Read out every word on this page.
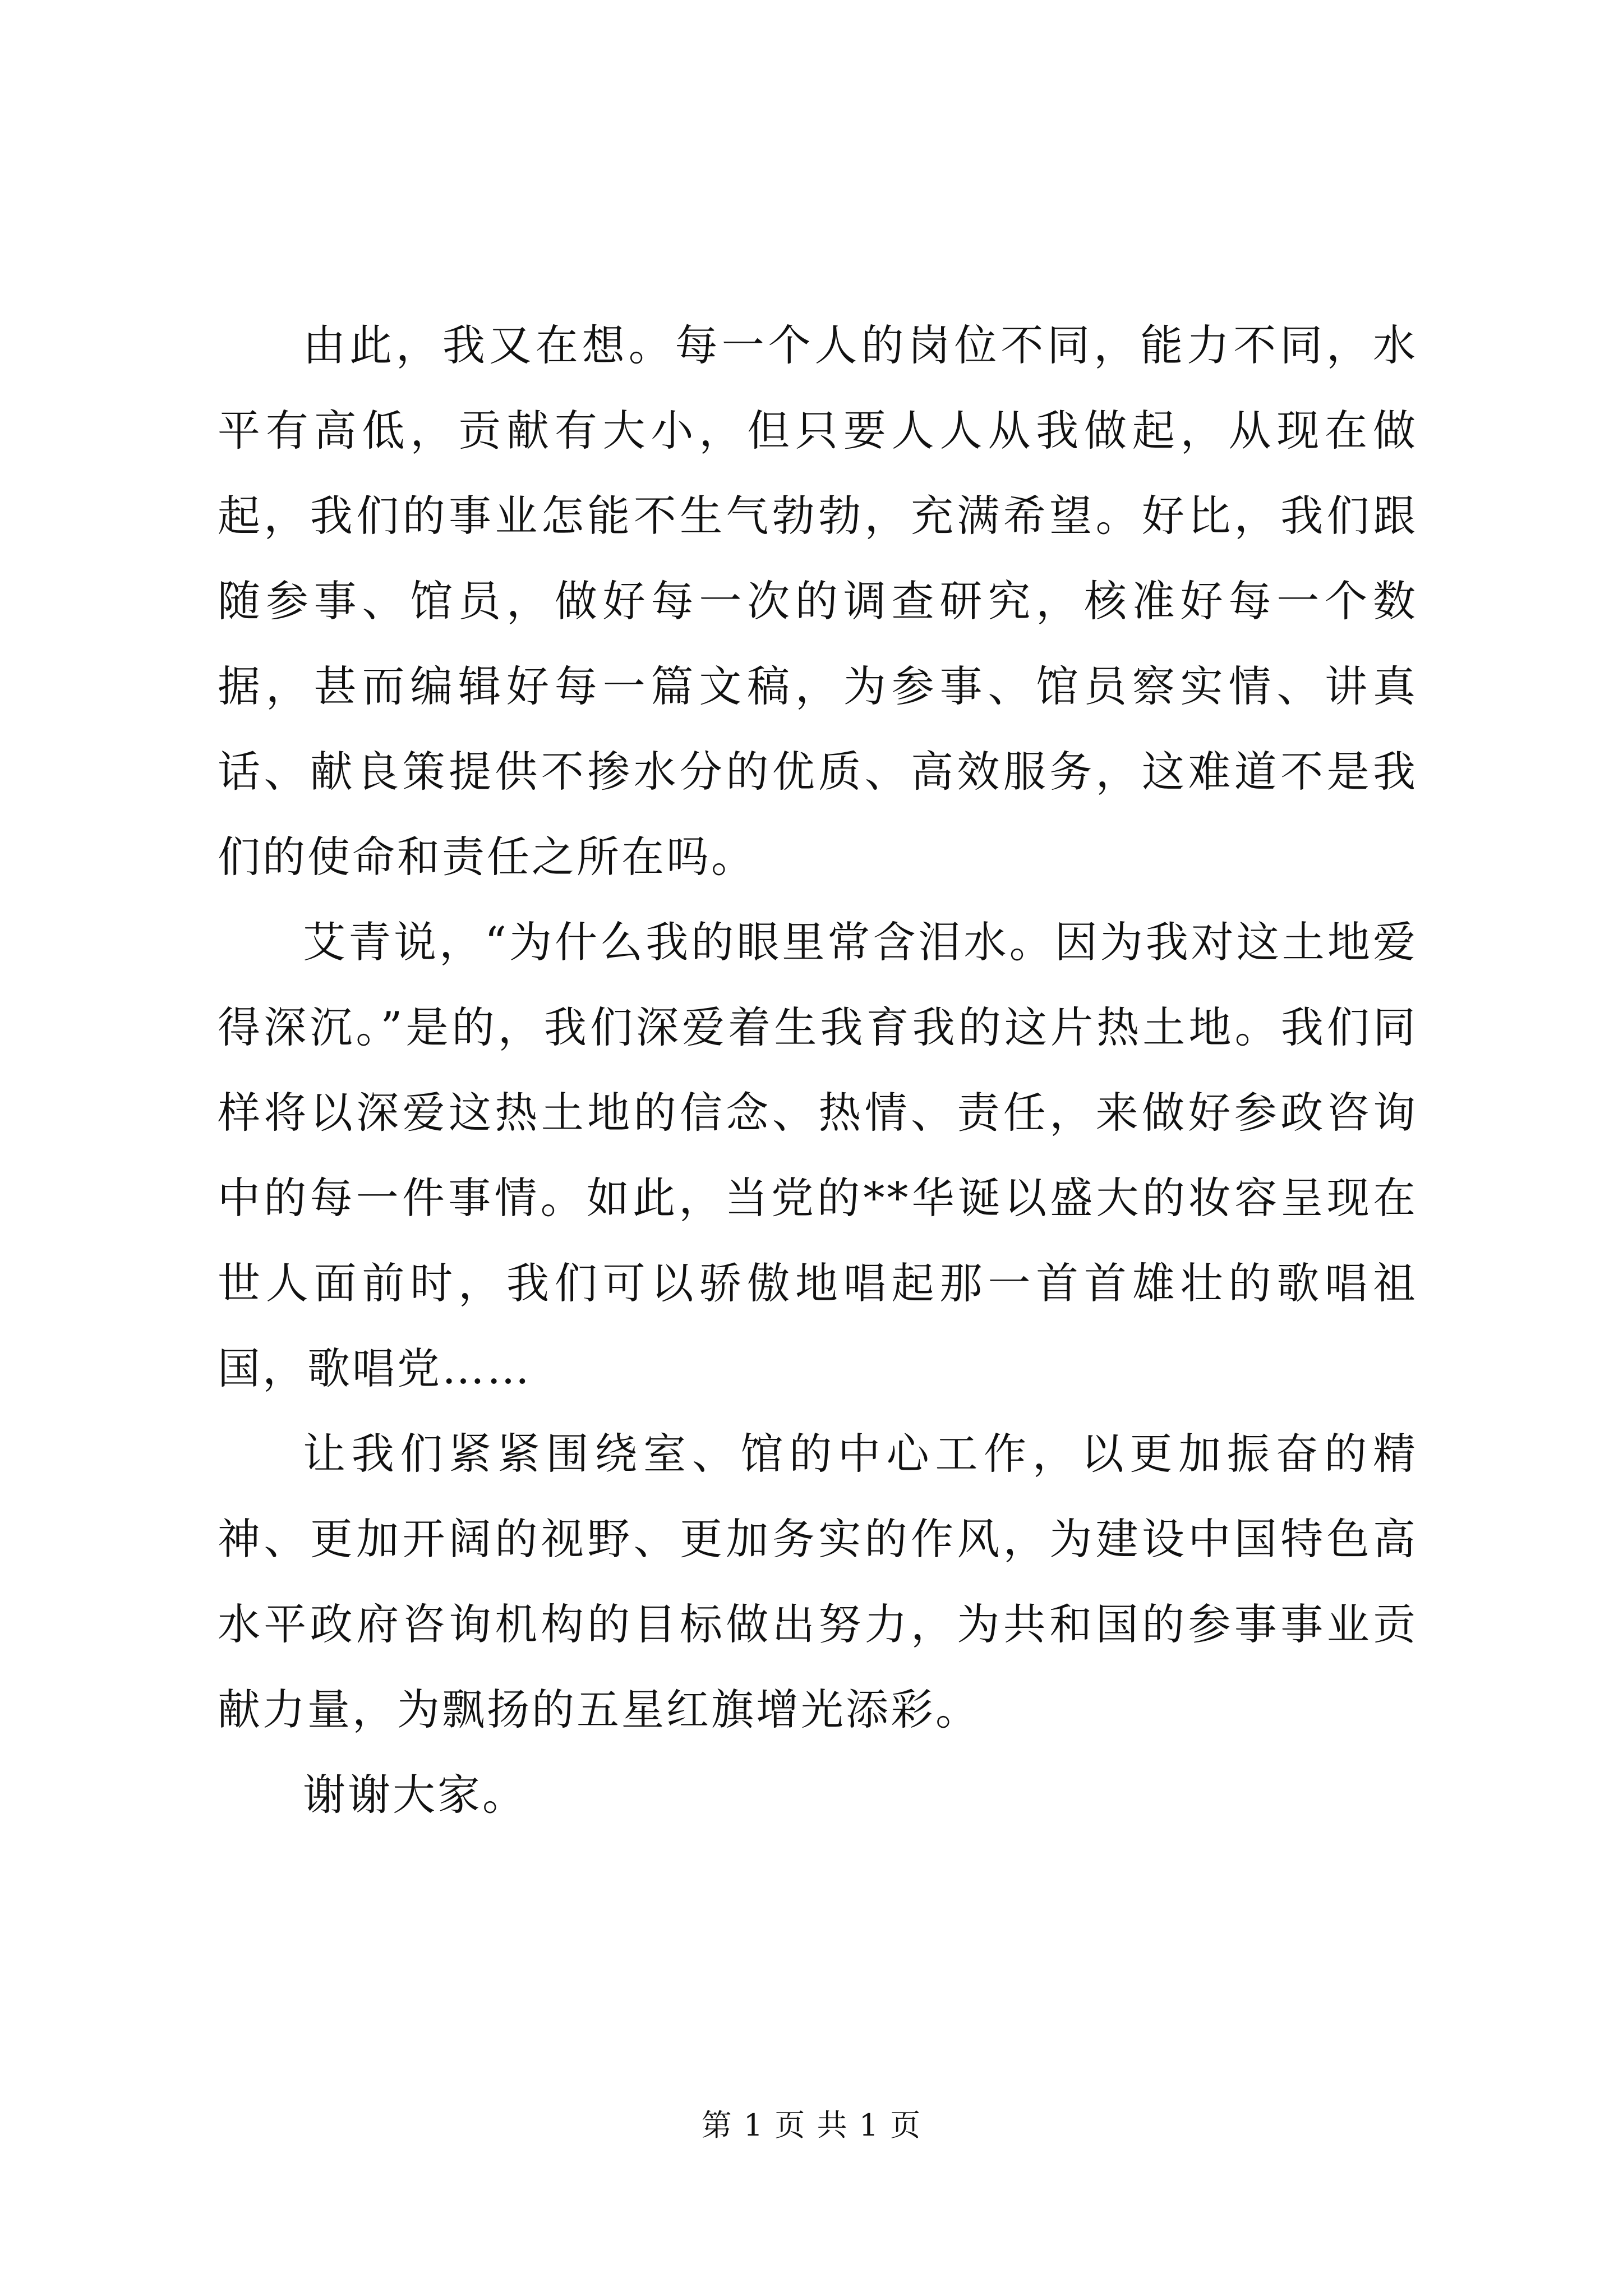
由此，我又在想。每一个人的岗位不同，能力不同，水平有高低，贡献有大小，但只要人人从我做起，从现在做起，我们的事业怎能不生气勃勃，充满希望。好比，我们跟随参事、馆员，做好每一次的调查研究，核准好每一个数据，甚而编辑好每一篇文稿，为参事、馆员察实情、讲真话、献良策提供不掺水分的优质、高效服务，这难道不是我们的使命和责任之所在吗。

艾青说，“为什么我的眼里常含泪水。因为我对这土地爱得深沉。”是的，我们深爱着生我育我的这片热土地。我们同样将以深爱这热土地的信念、热情、责任，来做好参政咨询中的每一件事情。如此，当党的**华诞以盛大的妆容呈现在世人面前时，我们可以骄傲地唱起那一首首雄壮的歌唱祖国，歌唱党……

让我们紧紧围绕室、馆的中心工作，以更加振奋的精神、更加开阔的视野、更加务实的作风，为建设中国特色高水平政府咨询机构的目标做出努力，为共和国的参事事业贡献力量，为飘扬的五星红旗增光添彩。

谢谢大家。

第 1 页 共 1 页
